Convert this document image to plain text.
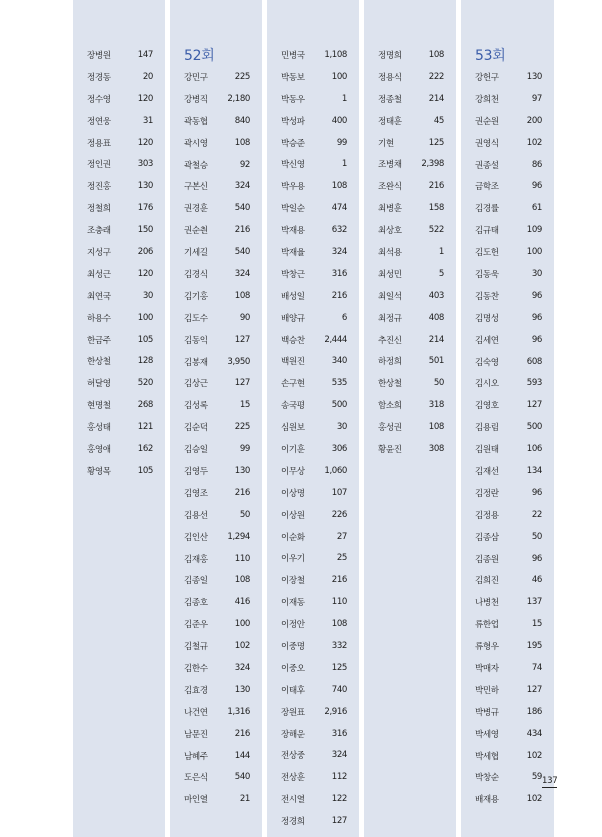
장병원	147
정경동	20
정수영	120
정연웅	31
정용표	120
정인권	303
정진홍	130
정철희	176
조충래	150
지성구	206
최성근	120
최연국	30
하용수	100
한금주	105
한상철	128
허달영	520
현명철	268
홍성태	121
홍영애	162
황영목	105
52회
강민구	225
강병직 2,180
곽동협	840
곽시영	108
곽철승	92
구본신	324
권경훈	540
권순춴	216
기세길	540
김경식	324
김기홍	108
김도수	90
김동익	127
김봉재 3,950
김상근	127
김성록	15
김순덕	225
김승일	99
김영두	130
김영조	216
김용선	50
김인산 1,294
김재홍	110
김종일	108
김종호	416
김준우	100
김철규	102
김한수	324
김효경	130
나건연 1,316
남문진	216
남혜주	144
도은식	540
마인열	21
민병국 1,108
박동보	100
박동우	1
박성파	400
박승준	99
박신영	1
박우용	108
박일순	474
박재용	632
박재율	324
박창근	316
배성일	216
배양규	6
백승찬 2,444
백원진	340
손구현	535
송국평	500
심원보	30
이기훈	306
이무상 1,060
이상명	107
이상원	226
이순화	27
이우기	25
이장철	216
이재동	110
이정안	108
이중명	332
이중오	125
이태후	740
장원표 2,916
장해운	316
전상중	324
전상훈	112
전시열	122
정경희	127
정명희	108
정용식	222
정종철	214
정태훈	45
기현	125
조병채 2,398
조완식	216
최병훈	158
최상호	522
최석용	1
최성민	5
최일석	403
최정규	408
추진신	214
하정희	501
한상철	50
함소희	318
홍성권	108
황윤진	308
53회
강헌구	130
강희천	97
권순원	200
권영식	102
권종설	86
금학조	96
김경률	61
김규태	109
김도헌	100
김동욱	30
김동찬	96
김명성	96
김세연	96
김숙영	608
김시오	593
김영호	127
김용림	500
김원태	106
김재선	134
김정란	96
김정용	22
김종삼	50
김종원	96
김희진	46
나병천	137
류한업	15
류형우	195
박매자	74
박민하	127
박병규	186
박세영	434
박세협	102
박창순	59
배재용	102
137
